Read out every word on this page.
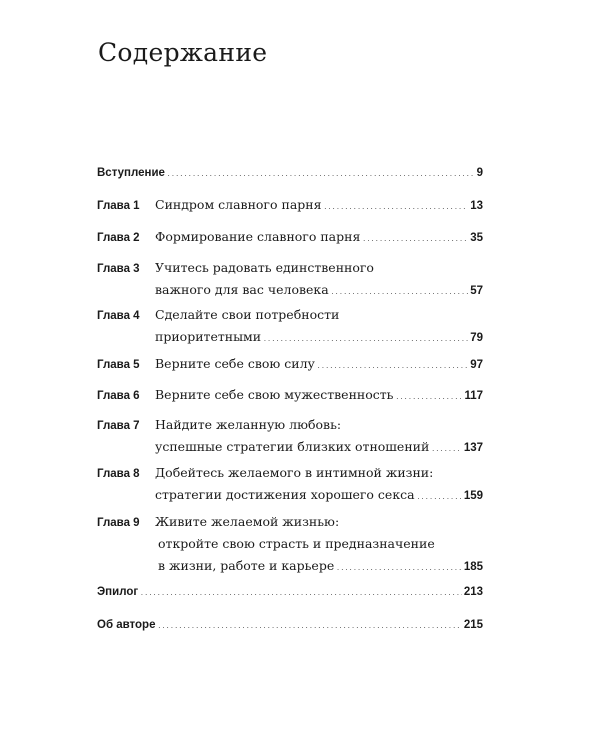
Содержание
Вступление .....	9
Глава 1	Синдром славного парня .....	13
Глава 2	Формирование славного парня .....	35
Глава 3	Учитесь радовать единственного
важного для вас человека .....	57
Глава 4	Сделайте свои потребности
приоритетными .....	79
Глава 5	Верните себе свою силу .....	97
Глава 6	Верните себе свою мужественность .....	117
Глава 7	Найдите желанную любовь:
успешные стратегии близких отношений .....	137
Глава 8	Добейтесь желаемого в интимной жизни:
стратегии достижения хорошего секса .....	159
Глава 9	Живите желаемой жизнью:
откройте свою страсть и предназначение
в жизни, работе и карьере .....	185
Эпилог .....	213
Об авторе .....	215
